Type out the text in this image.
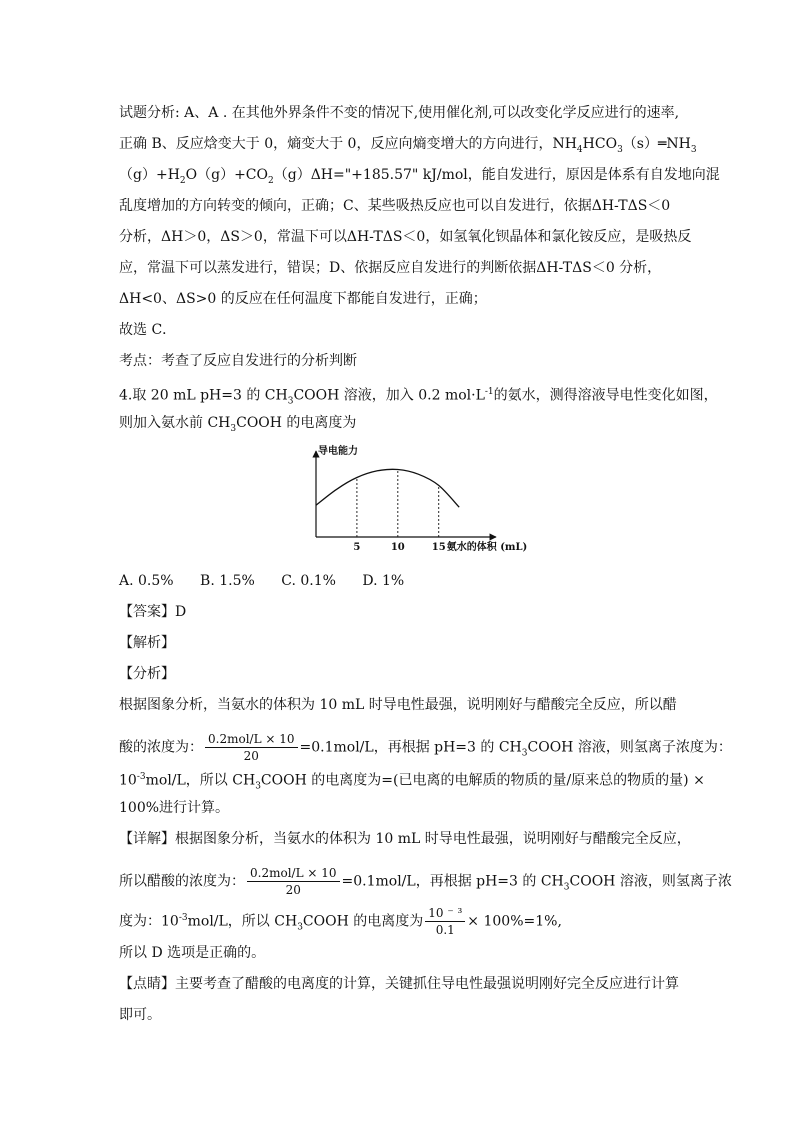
试题分析: A、A . 在其他外界条件不变的情况下,使用催化剂,可以改变化学反应进行的速率,
正确 B、反应焓变大于 0，熵变大于 0，反应向熵变增大的方向进行，$NH_4HCO_3(s)═NH_3$
$(g)+H_2O(g)+CO_2(g)\Delta H="+185.57$" kJ/mol，能自发进行，原因是体系有自发地向混
乱度增加的方向转变的倾向，正确；C、某些吸热反应也可以自发进行，依据ΔH-TΔS＜0
分析，ΔH＞0，ΔS＞0，常温下可以ΔH-TΔS＜0，如氢氧化钡晶体和氯化铵反应，是吸热反
应，常温下可以蒸发进行，错误；D、依据反应自发进行的判断依据ΔH-TΔS＜0 分析，
ΔH<0、ΔS>0 的反应在任何温度下都能自发进行，正确；
故选 C．
考点：考查了反应自发进行的分析判断
4.取 20 mL pH=3 的 $CH_3COOH$ 溶液，加入 0.2 $mol\cdot L^{-1}$的氨水，测得溶液导电性变化如图，
则加入氨水前 $CH_3COOH$ 的电离度为
导电能力
5	10	15 氨水的体积 (mL)
A. 0.5% B. 1.5% C. 0.1% D. 1%
【答案】D
【解析】
【分析】
根据图象分析，当氨水的体积为 10 mL 时导电性最强，说明刚好与醋酸完全反应，所以醋
酸的浓度为：
0.2mol/L × 10
20
=0.1mol/L，再根据 pH=3 的 $CH_3COOH$ 溶液，则氢离子浓度为：
$10^{-3}mol/L$，所以 $CH_3COOH$ 的电离度为=(已电离的电解质的物质的量/原来总的物质的量) ×
100%进行计算。
【详解】根据图象分析，当氨水的体积为 10 mL 时导电性最强，说明刚好与醋酸完全反应，
所以醋酸的浓度为：
0.2mol/L × 10
20
=0.1mol/L，再根据 pH=3 的 $CH_3COOH$ 溶液，则氢离子浓
度为：$10^{-3}mol/L$，所以 $CH_3COOH$ 的电离度为 $\frac{\text{10 ⁻ ³}}{0.1} \times 100\%=1\%$,
所以 D 选项是正确的。
【点睛】主要考查了醋酸的电离度的计算，关键抓住导电性最强说明刚好完全反应进行计算
即可。
